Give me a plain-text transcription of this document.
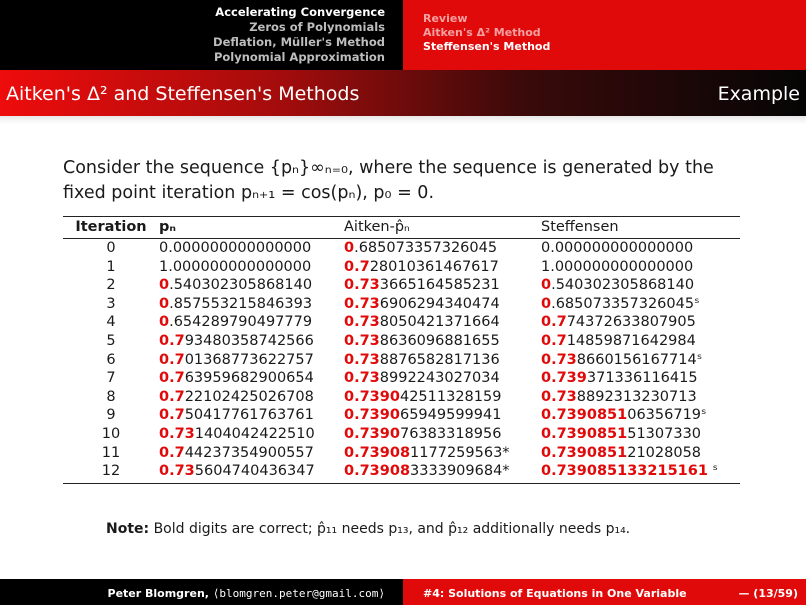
Accelerating Convergence
Zeros of Polynomials
Deflation, Müller's Method
Polynomial Approximation
Review
Aitken's Δ² Method
Steffensen's Method
Aitken's Δ² and Steffensen's Methods	Example
Consider the sequence {pₙ}∞ₙ₌₀, where the sequence is generated by the
fixed point iteration pₙ₊₁ = cos(pₙ), p₀ = 0.
Iteration	pₙ	Aitken-p̂ₙ	Steffensen
0	0.000000000000000	0.685073357326045	0.000000000000000
1	1.000000000000000	0.728010361467617	1.000000000000000
2	0.540302305868140	0.733665164585231	0.540302305868140
3	0.857553215846393	0.736906294340474	0.685073357326045ˢ
4	0.654289790497779	0.738050421371664	0.774372633807905
5	0.793480358742566	0.738636096881655	0.714859871642984
6	0.701368773622757	0.738876582817136	0.738660156167714ˢ
7	0.763959682900654	0.738992243027034	0.739371336116415
8	0.722102425026708	0.739042511328159	0.738892313230713
9	0.750417761763761	0.739065949599941	0.739085106356719ˢ
10	0.731404042422510	0.739076383318956	0.739085151307330
11	0.744237354900557	0.739081177259563*	0.739085121028058
12	0.735604740436347	0.739083333909684*	0.739085133215161 ˢ
Note: Bold digits are correct; p̂₁₁ needs p₁₃, and p̂₁₂ additionally needs p₁₄.
Peter Blomgren, ⟨blomgren.peter@gmail.com⟩	#4: Solutions of Equations in One Variable	— (13/59)
